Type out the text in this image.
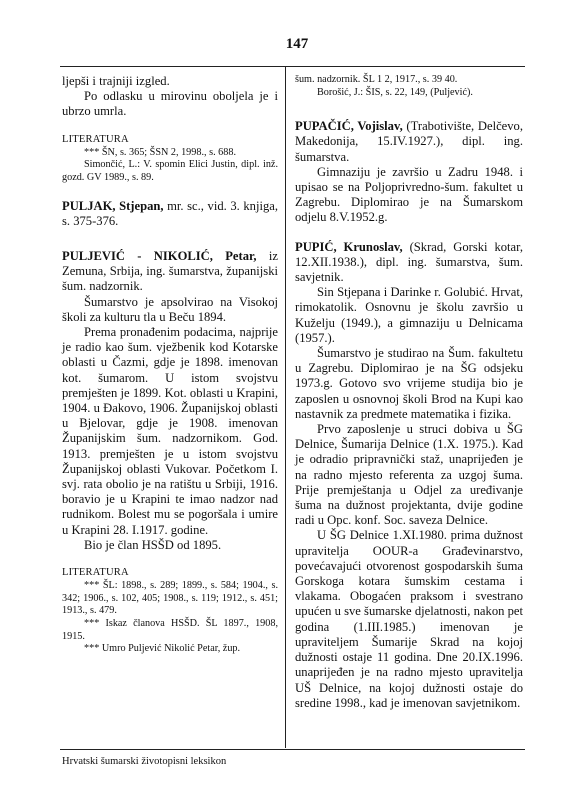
147

ljepši i trajniji izgled.

Po odlasku u mirovinu oboljela je i ubrzo umrla.

LITERATURA

*** ŠN, s. 365; ŠSN 2, 1998., s. 688.

Simončić, L.: V. spomin Elici Justin, dipl. inž. gozd. GV 1989., s. 89.

PULJAK, Stjepan, mr. sc., vid. 3. knjiga, s. 375-376.

PULJEVIĆ - NIKOLIĆ, Petar, iz Zemuna, Srbija, ing. šumarstva, županijski šum. nadzornik.

Šumarstvo je apsolvirao na Visokoj školi za kulturu tla u Beču 1894.

Prema pronađenim podacima, najprije je radio kao šum. vježbenik kod Kotarske oblasti u Čazmi, gdje je 1898. imenovan kot. šumarom. U istom svojstvu premješten je 1899. Kot. oblasti u Krapini, 1904. u Đakovo, 1906. Županijskoj oblasti u Bjelovar, gdje je 1908. imenovan Županijskim šum. nadzornikom. God. 1913. premješten je u istom svojstvu Županijskoj oblasti Vukovar. Početkom I. svj. rata obolio je na ratištu u Srbiji, 1916. boravio je u Krapini te imao nadzor nad rudnikom. Bolest mu se pogoršala i umire u Krapini 28. I.1917. godine.

Bio je član HSŠD od 1895.

LITERATURA

*** ŠL: 1898., s. 289; 1899., s. 584; 1904., s. 342; 1906., s. 102, 405; 1908., s. 119; 1912., s. 451; 1913., s. 479.

*** Iskaz članova HSŠD. ŠL 1897., 1908, 1915.

*** Umro Puljević Nikolić Petar, žup.

šum. nadzornik. ŠL 1 2, 1917., s. 39 40.

Borošić, J.: ŠIS, s. 22, 149, (Puljević).

PUPAČIĆ, Vojislav, (Trabotivište, Delčevo, Makedonija, 15.IV.1927.), dipl. ing. šumarstva.

Gimnaziju je završio u Zadru 1948. i upisao se na Poljoprivredno-šum. fakultet u Zagrebu. Diplomirao je na Šumarskom odjelu 8.V.1952.g.

PUPIĆ, Krunoslav, (Skrad, Gorski kotar, 12.XII.1938.), dipl. ing. šumarstva, šum. savjetnik.

Sin Stjepana i Darinke r. Golubić. Hrvat, rimokatolik. Osnovnu je školu završio u Kuželju (1949.), a gimnaziju u Delnicama (1957.).

Šumarstvo je studirao na Šum. fakultetu u Zagrebu. Diplomirao je na ŠG odsjeku 1973.g. Gotovo svo vrijeme studija bio je zaposlen u osnovnoj školi Brod na Kupi kao nastavnik za predmete matematika i fizika.

Prvo zaposlenje u struci dobiva u ŠG Delnice, Šumarija Delnice (1.X. 1975.). Kad je odradio pripravnički staž, unaprijeđen je na radno mjesto referenta za uzgoj šuma. Prije premještanja u Odjel za uređivanje šuma na dužnost projektanta, dvije godine radi u Opc. konf. Soc. saveza Delnice.

U ŠG Delnice 1.XI.1980. prima dužnost upravitelja OOUR-a Građevinarstvo, povećavajući otvorenost gospodarskih šuma Gorskoga kotara šumskim cestama i vlakama. Obogaćen praksom i svestrano upućen u sve šumarske djelatnosti, nakon pet godina (1.III.1985.) imenovan je upraviteljem Šumarije Skrad na kojoj dužnosti ostaje 11 godina. Dne 20.IX.1996. unaprijeđen je na radno mjesto upravitelja UŠ Delnice, na kojoj dužnosti ostaje do sredine 1998., kad je imenovan savjetnikom.

Hrvatski šumarski životopisni leksikon
